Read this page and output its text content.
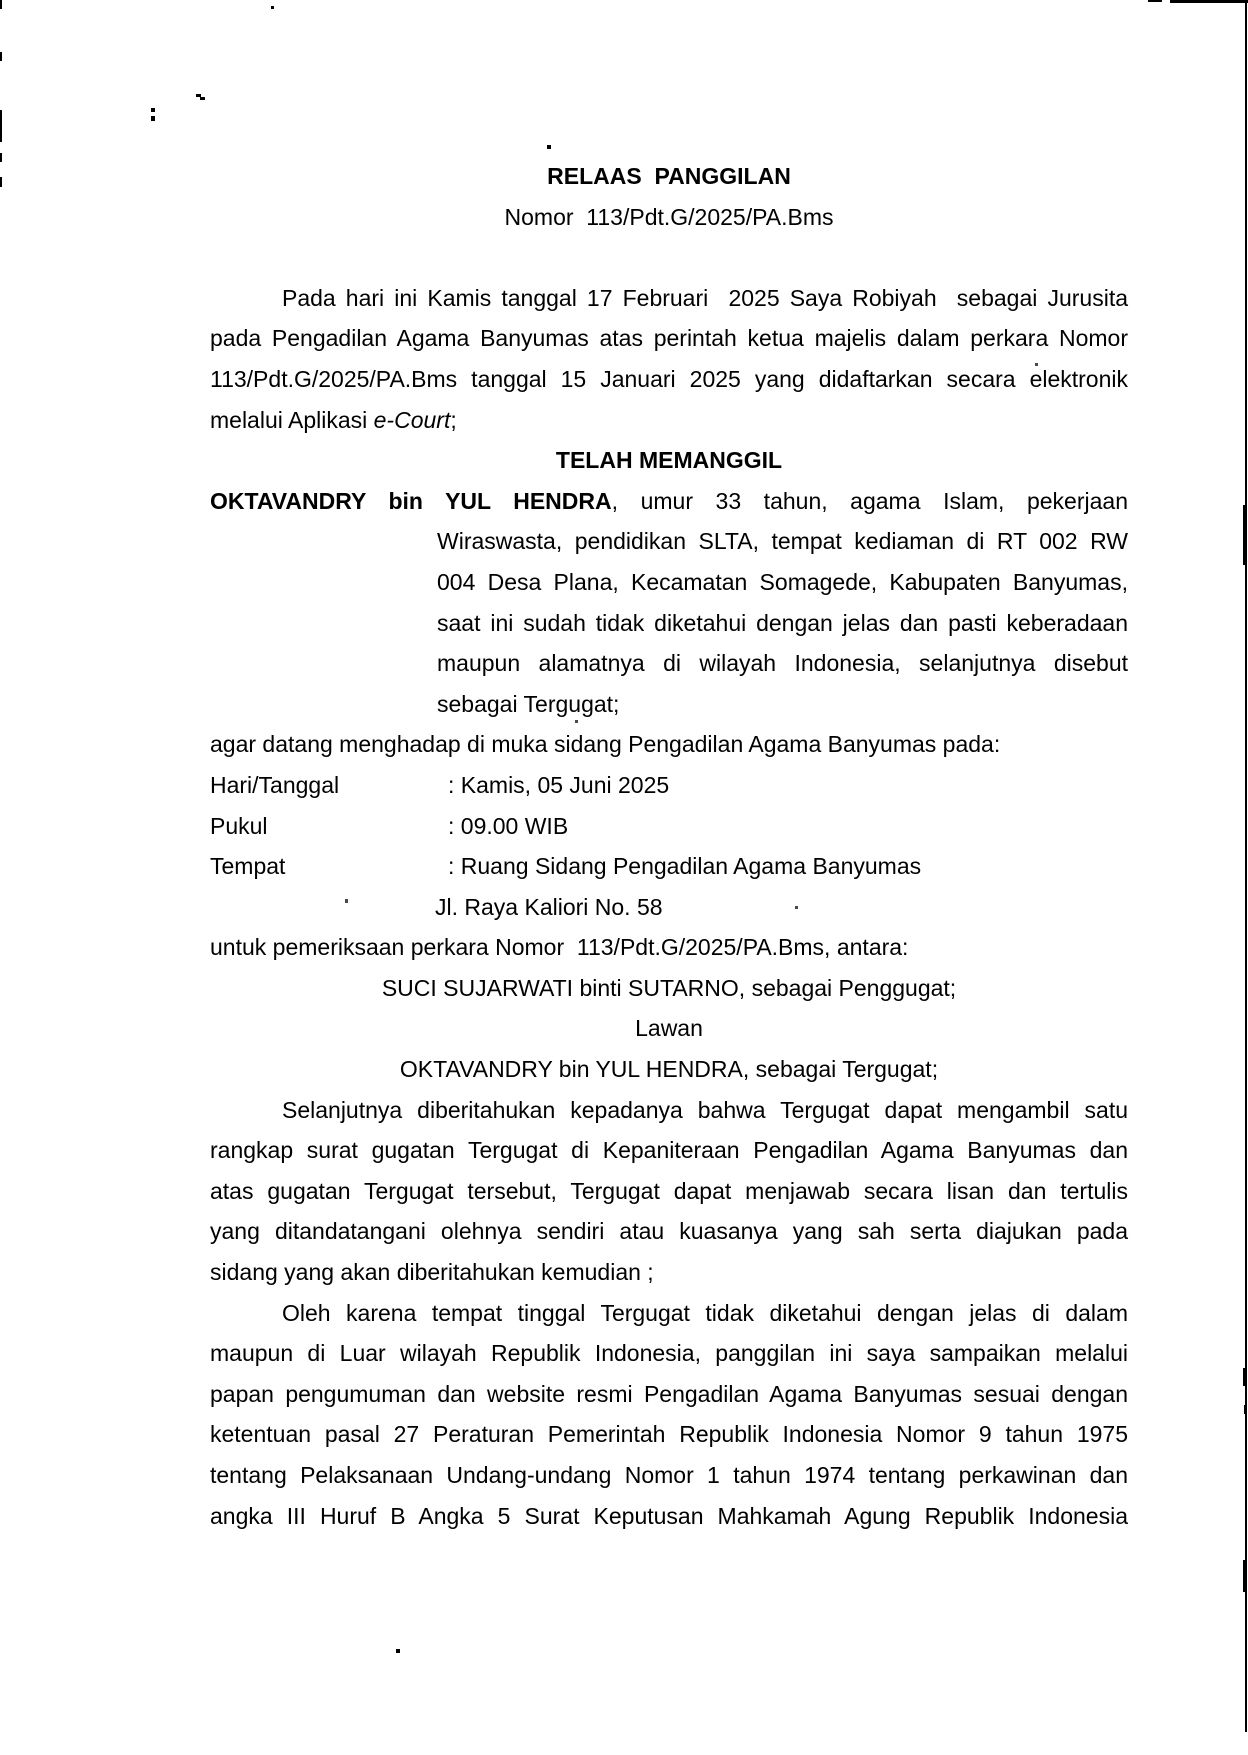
RELAAS  PANGGILAN
Nomor  113/Pdt.G/2025/PA.Bms
Pada hari ini Kamis tanggal 17 Februari  2025 Saya Robiyah  sebagai Jurusita
pada Pengadilan Agama Banyumas atas perintah ketua majelis dalam perkara Nomor
113/Pdt.G/2025/PA.Bms tanggal 15 Januari 2025 yang didaftarkan secara elektronik
melalui Aplikasi e-Court;
TELAH MEMANGGIL
OKTAVANDRY bin YUL HENDRA, umur 33 tahun, agama Islam, pekerjaan
Wiraswasta, pendidikan SLTA, tempat kediaman di RT 002 RW
004 Desa Plana, Kecamatan Somagede, Kabupaten Banyumas,
saat ini sudah tidak diketahui dengan jelas dan pasti keberadaan
maupun alamatnya di wilayah Indonesia, selanjutnya disebut
sebagai Tergugat;
agar datang menghadap di muka sidang Pengadilan Agama Banyumas pada:
Hari/Tanggal	: Kamis, 05 Juni 2025
Pukul	: 09.00 WIB
Tempat	: Ruang Sidang Pengadilan Agama Banyumas
Jl. Raya Kaliori No. 58
untuk pemeriksaan perkara Nomor  113/Pdt.G/2025/PA.Bms, antara:
SUCI SUJARWATI binti SUTARNO, sebagai Penggugat;
Lawan
OKTAVANDRY bin YUL HENDRA, sebagai Tergugat;
Selanjutnya diberitahukan kepadanya bahwa Tergugat dapat mengambil satu
rangkap surat gugatan Tergugat di Kepaniteraan Pengadilan Agama Banyumas dan
atas gugatan Tergugat tersebut, Tergugat dapat menjawab secara lisan dan tertulis
yang ditandatangani olehnya sendiri atau kuasanya yang sah serta diajukan pada
sidang yang akan diberitahukan kemudian ;
Oleh karena tempat tinggal Tergugat tidak diketahui dengan jelas di dalam
maupun di Luar wilayah Republik Indonesia, panggilan ini saya sampaikan melalui
papan pengumuman dan website resmi Pengadilan Agama Banyumas sesuai dengan
ketentuan pasal 27 Peraturan Pemerintah Republik Indonesia Nomor 9 tahun 1975
tentang Pelaksanaan Undang-undang Nomor 1 tahun 1974 tentang perkawinan dan
angka III Huruf B Angka 5 Surat Keputusan Mahkamah Agung Republik Indonesia
